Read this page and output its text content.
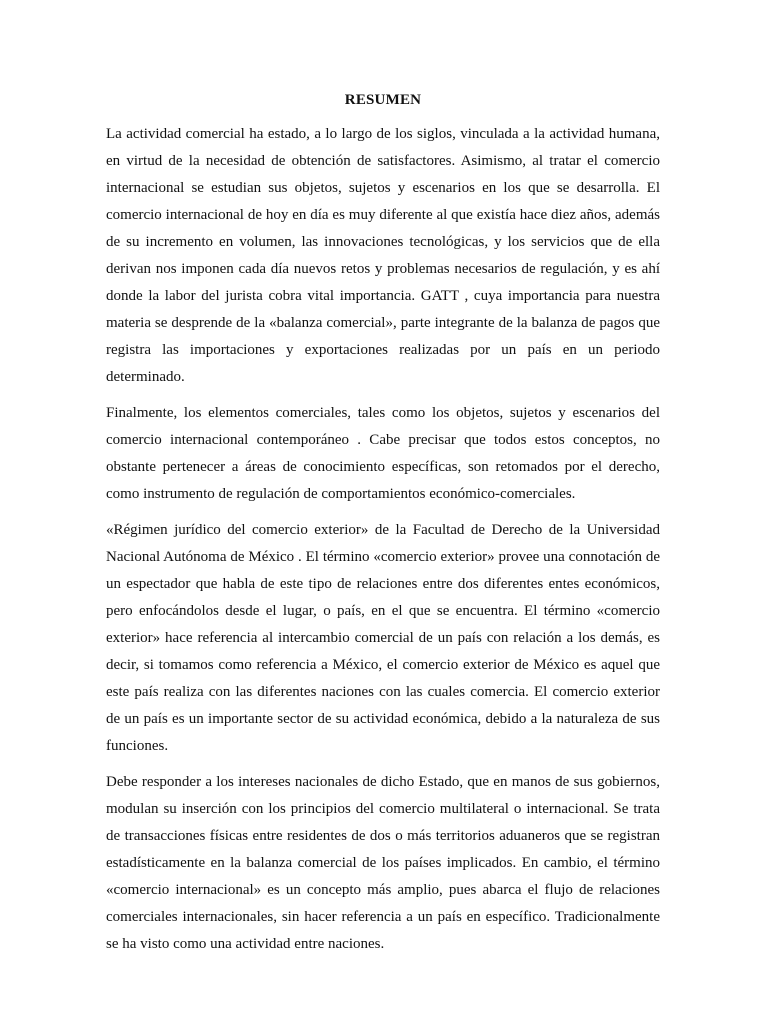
RESUMEN

La actividad comercial ha estado, a lo largo de los siglos, vinculada a la actividad humana, en virtud de la necesidad de obtención de satisfactores. Asimismo, al tratar el comercio internacional se estudian sus objetos, sujetos y escenarios en los que se desarrolla. El comercio internacional de hoy en día es muy diferente al que existía hace diez años, además de su incremento en volumen, las innovaciones tecnológicas, y los servicios que de ella derivan nos imponen cada día nuevos retos y problemas necesarios de regulación, y es ahí donde la labor del jurista cobra vital importancia. GATT , cuya importancia para nuestra materia se desprende de la «balanza comercial», parte integrante de la balanza de pagos que registra las importaciones y exportaciones realizadas por un país en un periodo determinado.

Finalmente, los elementos comerciales, tales como los objetos, sujetos y escenarios del comercio internacional contemporáneo . Cabe precisar que todos estos conceptos, no obstante pertenecer a áreas de conocimiento específicas, son retomados por el derecho, como instrumento de regulación de comportamientos económico-comerciales.

«Régimen jurídico del comercio exterior» de la Facultad de Derecho de la Universidad Nacional Autónoma de México . El término «comercio exterior» provee una connotación de un espectador que habla de este tipo de relaciones entre dos diferentes entes económicos, pero enfocándolos desde el lugar, o país, en el que se encuentra. El término «comercio exterior» hace referencia al intercambio comercial de un país con relación a los demás, es decir, si tomamos como referencia a México, el comercio exterior de México es aquel que este país realiza con las diferentes naciones con las cuales comercia. El comercio exterior de un país es un importante sector de su actividad económica, debido a la naturaleza de sus funciones.

Debe responder a los intereses nacionales de dicho Estado, que en manos de sus gobiernos, modulan su inserción con los principios del comercio multilateral o internacional. Se trata de transacciones físicas entre residentes de dos o más territorios aduaneros que se registran estadísticamente en la balanza comercial de los países implicados. En cambio, el término «comercio internacional» es un concepto más amplio, pues abarca el flujo de relaciones comerciales internacionales, sin hacer referencia a un país en específico. Tradicionalmente se ha visto como una actividad entre naciones.
